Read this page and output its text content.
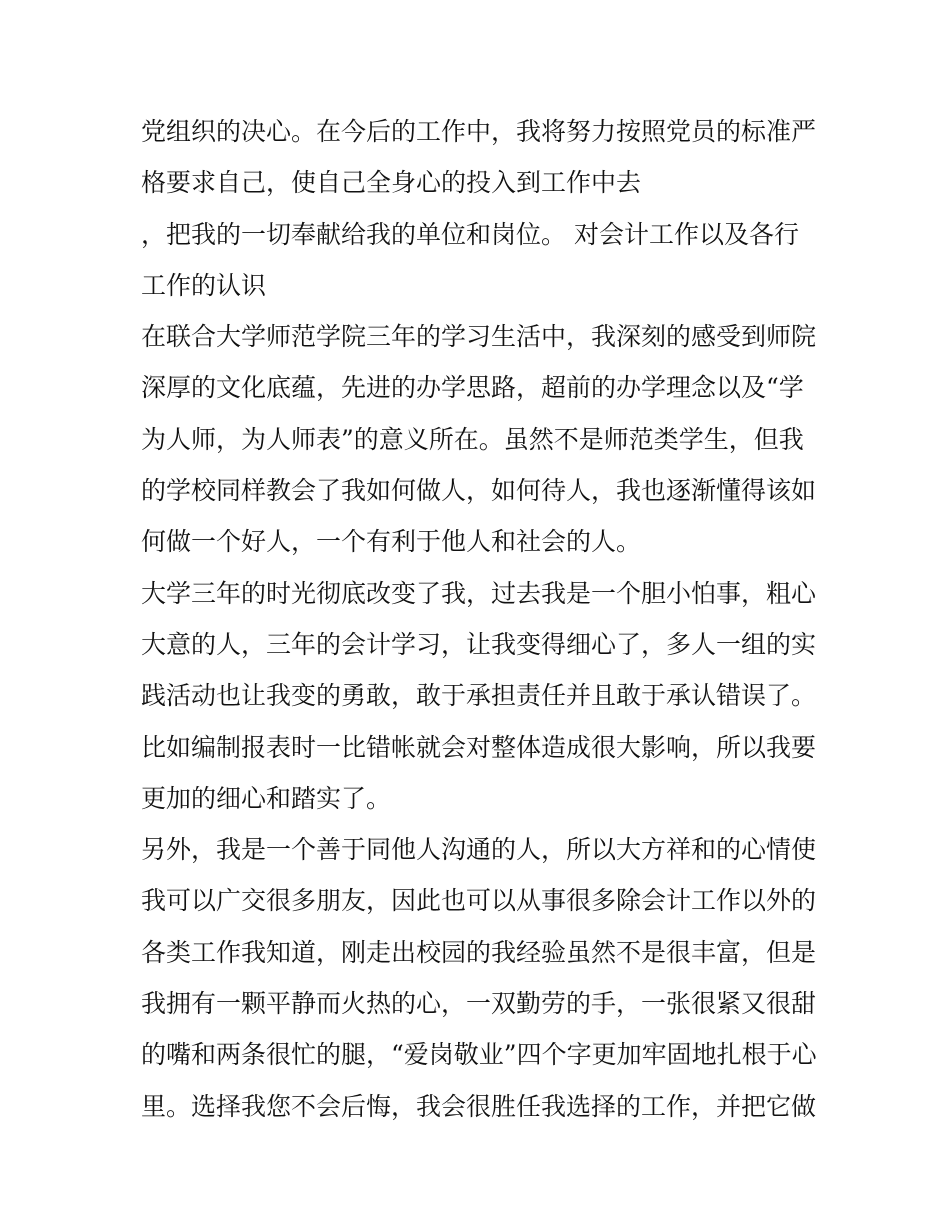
党组织的决心。在今后的工作中，我将努力按照党员的标准严
格要求自己，使自己全身心的投入到工作中去
，把我的一切奉献给我的单位和岗位。 对会计工作以及各行
工作的认识
在联合大学师范学院三年的学习生活中，我深刻的感受到师院
深厚的文化底蕴，先进的办学思路，超前的办学理念以及“学
为人师，为人师表”的意义所在。虽然不是师范类学生，但我
的学校同样教会了我如何做人，如何待人，我也逐渐懂得该如
何做一个好人，一个有利于他人和社会的人。
大学三年的时光彻底改变了我，过去我是一个胆小怕事，粗心
大意的人，三年的会计学习，让我变得细心了，多人一组的实
践活动也让我变的勇敢，敢于承担责任并且敢于承认错误了。
比如编制报表时一比错帐就会对整体造成很大影响，所以我要
更加的细心和踏实了。
另外，我是一个善于同他人沟通的人，所以大方祥和的心情使
我可以广交很多朋友，因此也可以从事很多除会计工作以外的
各类工作我知道，刚走出校园的我经验虽然不是很丰富，但是
我拥有一颗平静而火热的心，一双勤劳的手，一张很紧又很甜
的嘴和两条很忙的腿，“爱岗敬业”四个字更加牢固地扎根于心
里。选择我您不会后悔，我会很胜任我选择的工作，并把它做
